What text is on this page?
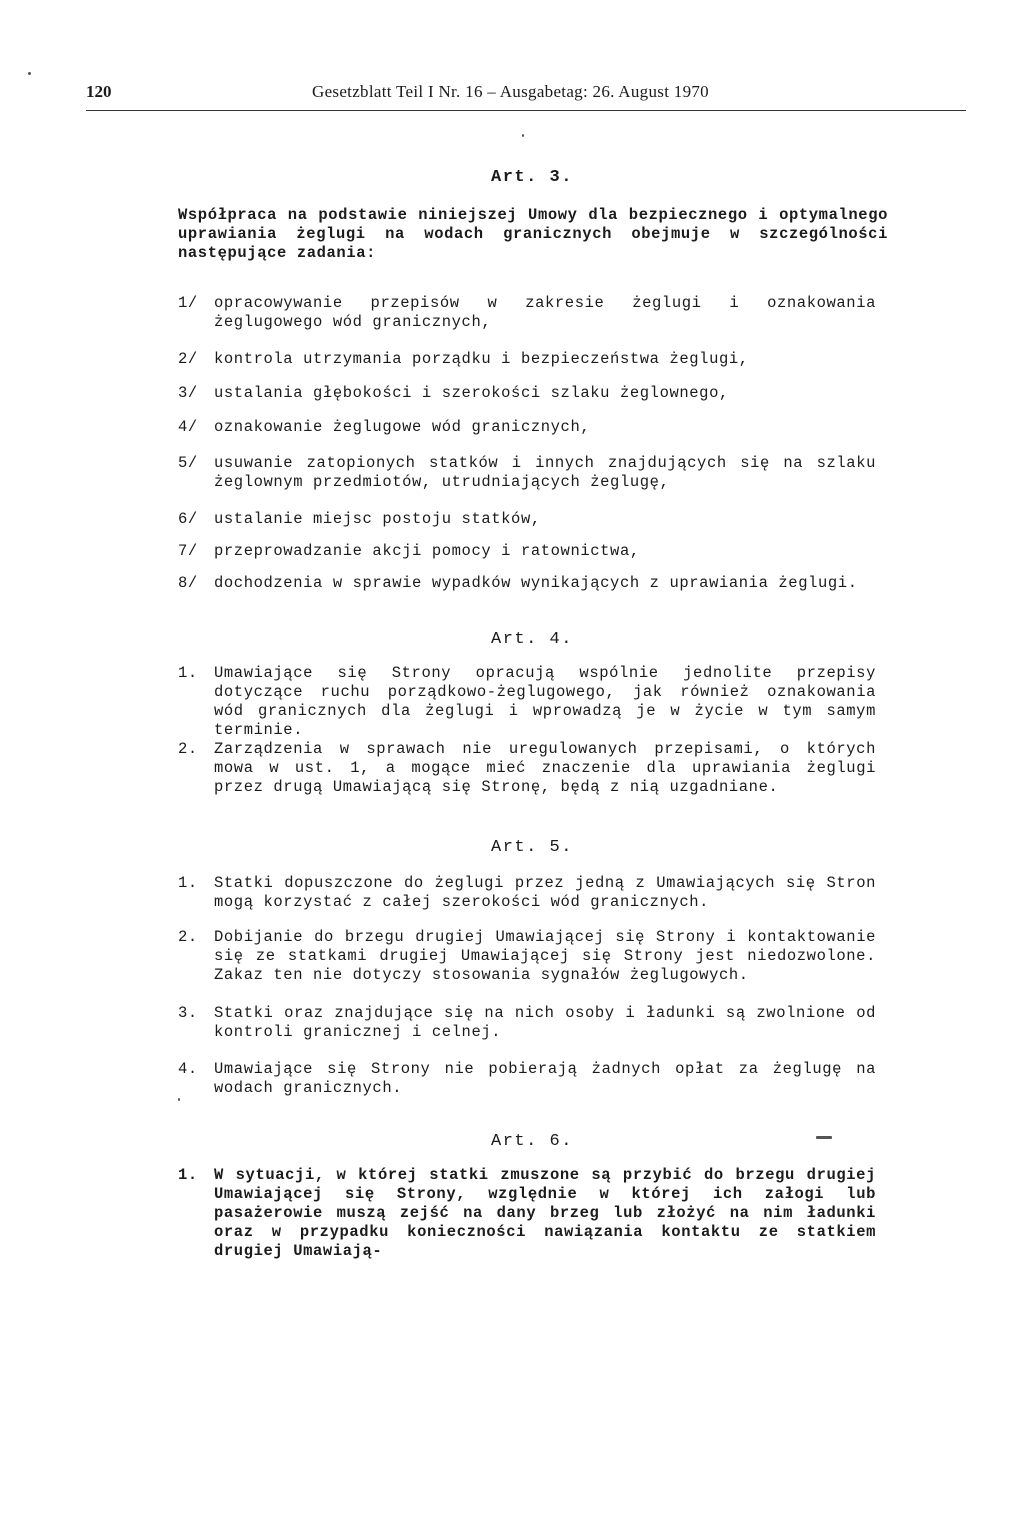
120	Gesetzblatt Teil I Nr. 16 – Ausgabetag: 26. August 1970
Art. 3.
Współpraca na podstawie niniejszej Umowy dla bezpiecznego i optymalnego uprawiania żeglugi na wodach granicznych obejmuje w szczególności następujące zadania:
1/	opracowywanie przepisów w zakresie żeglugi i oznakowania żeglugowego wód granicznych,
2/	kontrola utrzymania porządku i bezpieczeństwa żeglugi,
3/	ustalania głębokości i szerokości szlaku żeglownego,
4/	oznakowanie żeglugowe wód granicznych,
5/	usuwanie zatopionych statków i innych znajdujących się na szlaku żeglownym przedmiotów, utrudniających żeglugę,
6/	ustalanie miejsc postoju statków,
7/	przeprowadzanie akcji pomocy i ratownictwa,
8/	dochodzenia w sprawie wypadków wynikających z uprawiania żeglugi.
Art. 4.
1.	Umawiające się Strony opracują wspólnie jednolite przepisy dotyczące ruchu porządkowo-żeglugowego, jak również oznakowania wód granicznych dla żeglugi i wprowadzą je w życie w tym samym terminie.
2.	Zarządzenia w sprawach nie uregulowanych przepisami, o których mowa w ust. 1, a mogące mieć znaczenie dla uprawiania żeglugi przez drugą Umawiającą się Stronę, będą z nią uzgadniane.
Art. 5.
1.	Statki dopuszczone do żeglugi przez jedną z Umawiających się Stron mogą korzystać z całej szerokości wód granicznych.
2.	Dobijanie do brzegu drugiej Umawiającej się Strony i kontaktowanie się ze statkami drugiej Umawiającej się Strony jest niedozwolone. Zakaz ten nie dotyczy stosowania sygnałów żeglugowych.
3.	Statki oraz znajdujące się na nich osoby i ładunki są zwolnione od kontroli granicznej i celnej.
4.	Umawiające się Strony nie pobierają żadnych opłat za żeglugę na wodach granicznych.
Art. 6.
1.	W sytuacji, w której statki zmuszone są przybić do brzegu drugiej Umawiającej się Strony, względnie w której ich załogi lub pasażerowie muszą zejść na dany brzeg lub złożyć na nim ładunki oraz w przypadku konieczności nawiązania kontaktu ze statkiem drugiej Umawiają-
